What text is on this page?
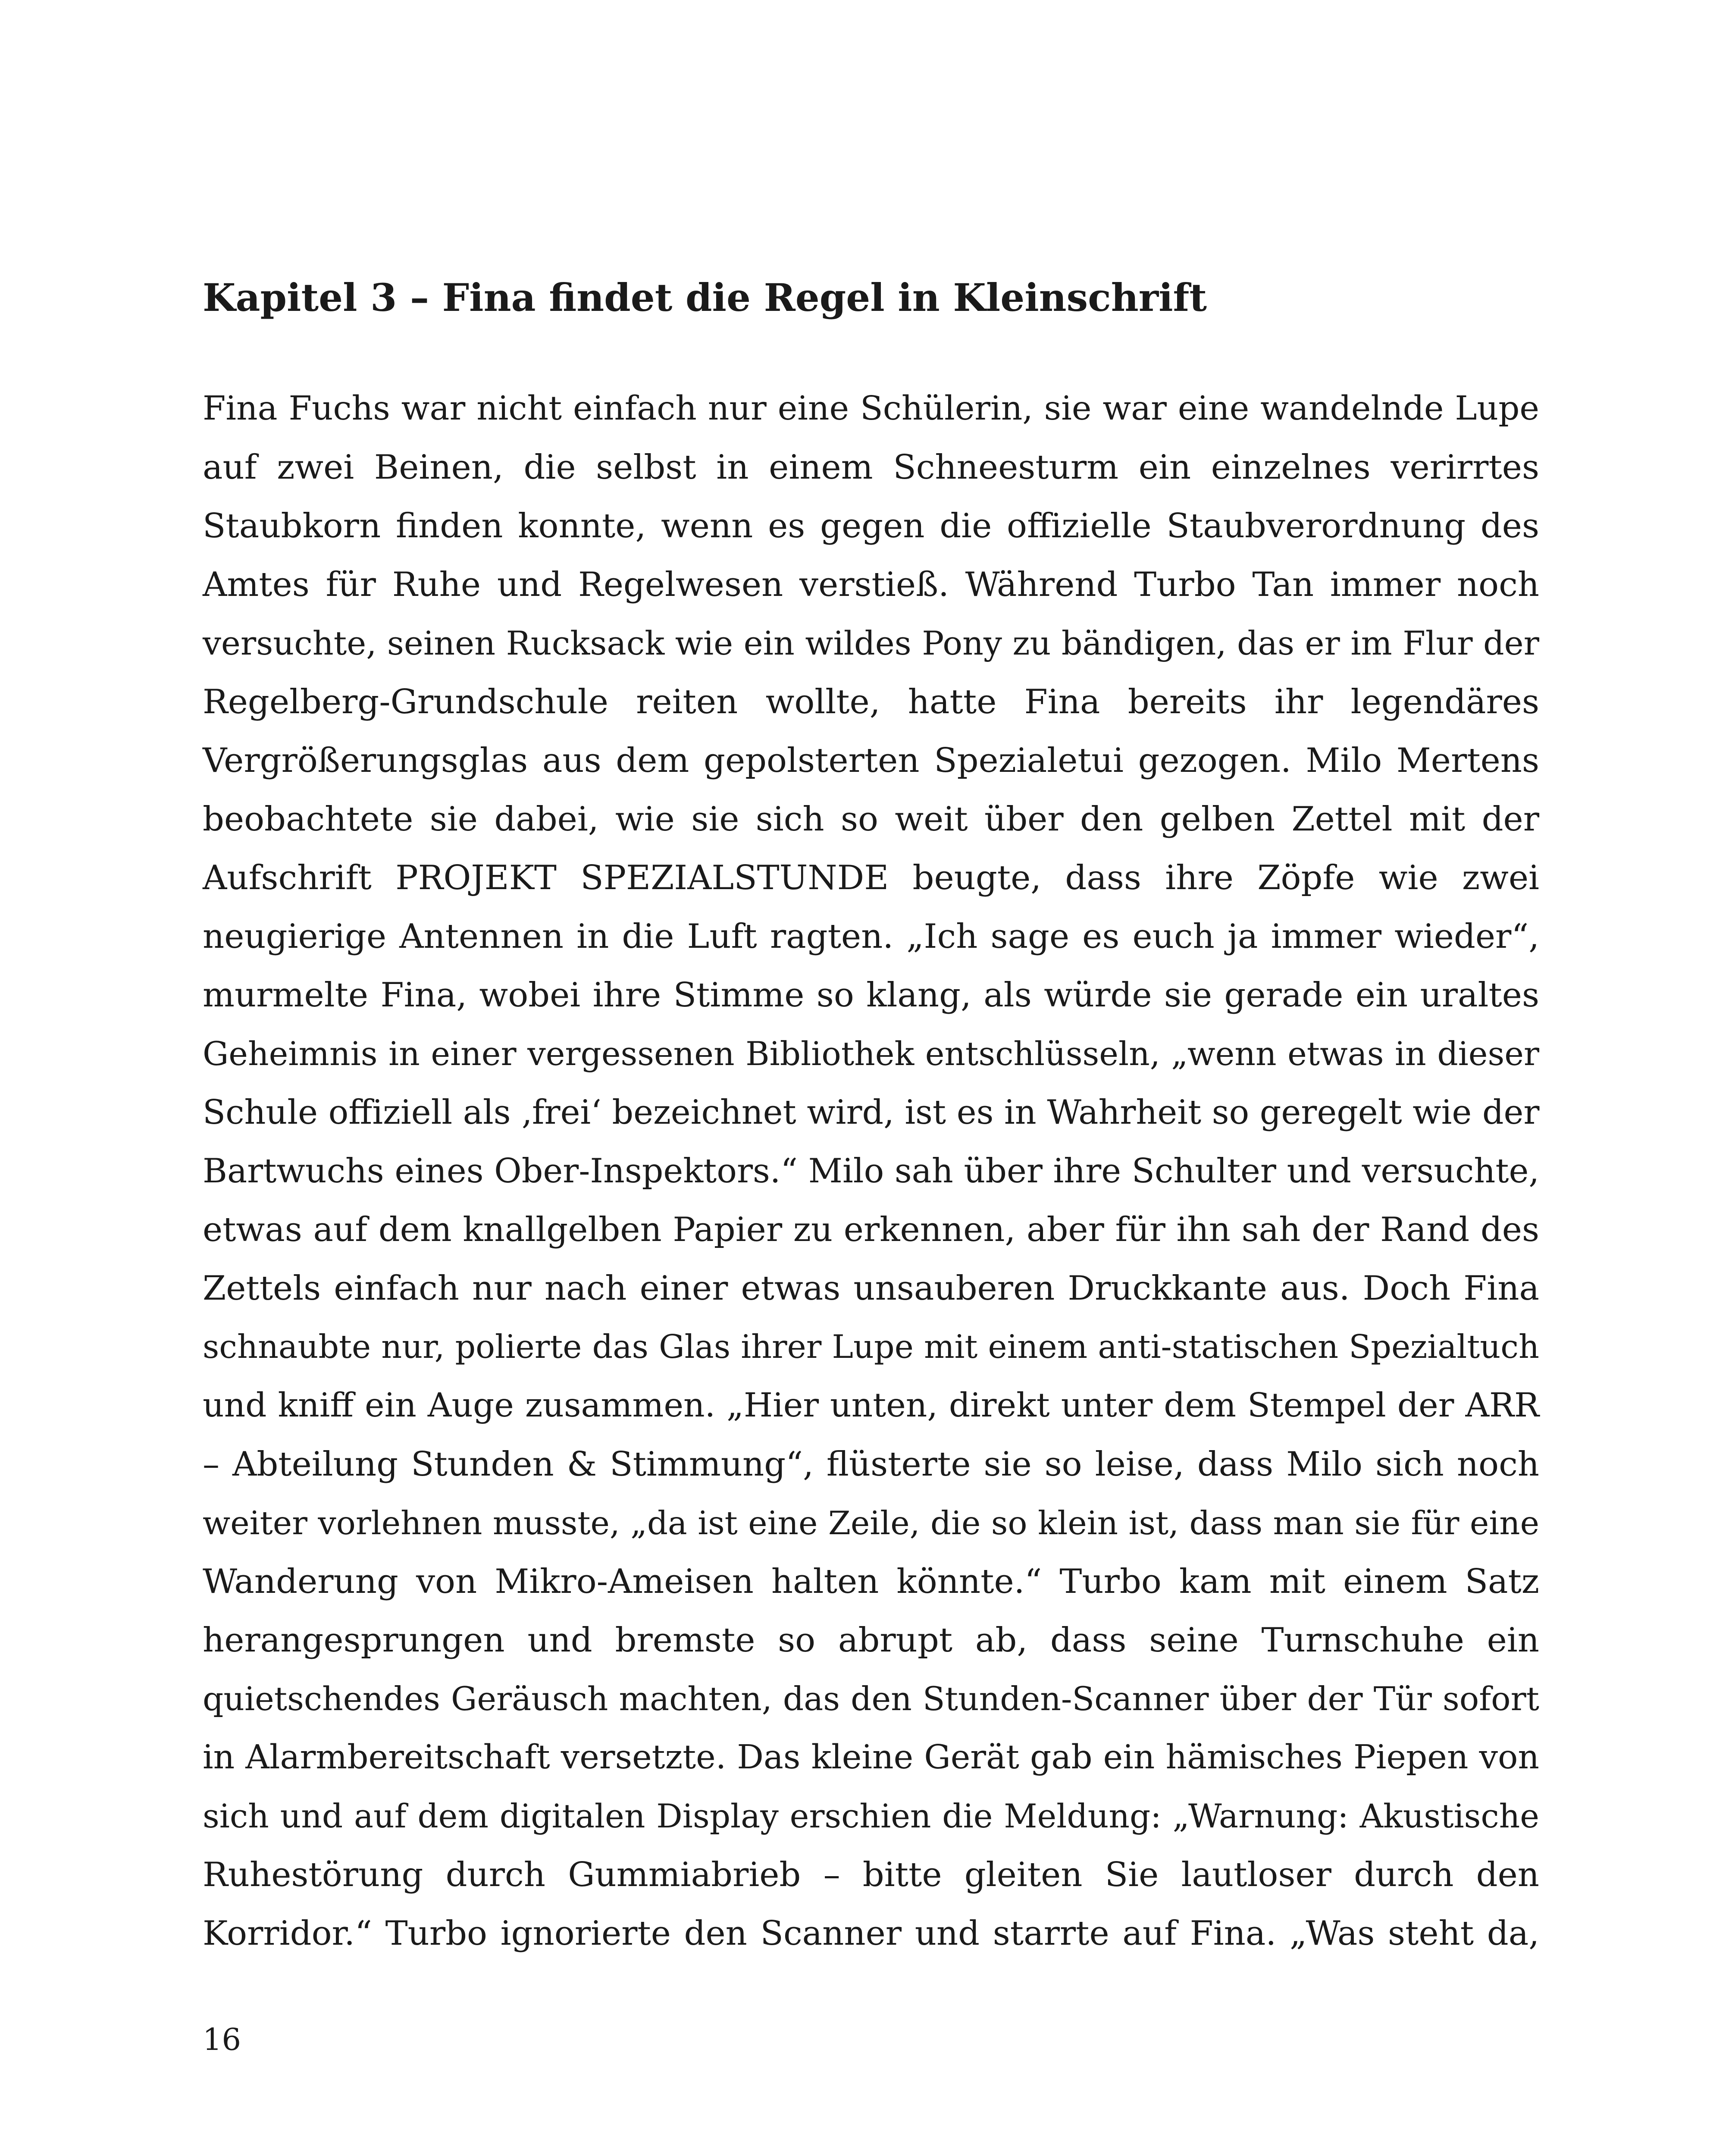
Kapitel 3 – Fina findet die Regel in Kleinschrift
Fina Fuchs war nicht einfach nur eine Schülerin, sie war eine wandelnde Lupe
auf zwei Beinen, die selbst in einem Schneesturm ein einzelnes verirrtes
Staubkorn finden konnte, wenn es gegen die offizielle Staubverordnung des
Amtes für Ruhe und Regelwesen verstieß. Während Turbo Tan immer noch
versuchte, seinen Rucksack wie ein wildes Pony zu bändigen, das er im Flur der
Regelberg-Grundschule reiten wollte, hatte Fina bereits ihr legendäres
Vergrößerungsglas aus dem gepolsterten Spezialetui gezogen. Milo Mertens
beobachtete sie dabei, wie sie sich so weit über den gelben Zettel mit der
Aufschrift PROJEKT SPEZIALSTUNDE beugte, dass ihre Zöpfe wie zwei
neugierige Antennen in die Luft ragten. „Ich sage es euch ja immer wieder“,
murmelte Fina, wobei ihre Stimme so klang, als würde sie gerade ein uraltes
Geheimnis in einer vergessenen Bibliothek entschlüsseln, „wenn etwas in dieser
Schule offiziell als ‚frei‘ bezeichnet wird, ist es in Wahrheit so geregelt wie der
Bartwuchs eines Ober-Inspektors.“ Milo sah über ihre Schulter und versuchte,
etwas auf dem knallgelben Papier zu erkennen, aber für ihn sah der Rand des
Zettels einfach nur nach einer etwas unsauberen Druckkante aus. Doch Fina
schnaubte nur, polierte das Glas ihrer Lupe mit einem anti-statischen Spezialtuch
und kniff ein Auge zusammen. „Hier unten, direkt unter dem Stempel der ARR
– Abteilung Stunden & Stimmung“, flüsterte sie so leise, dass Milo sich noch
weiter vorlehnen musste, „da ist eine Zeile, die so klein ist, dass man sie für eine
Wanderung von Mikro-Ameisen halten könnte.“ Turbo kam mit einem Satz
herangesprungen und bremste so abrupt ab, dass seine Turnschuhe ein
quietschendes Geräusch machten, das den Stunden-Scanner über der Tür sofort
in Alarmbereitschaft versetzte. Das kleine Gerät gab ein hämisches Piepen von
sich und auf dem digitalen Display erschien die Meldung: „Warnung: Akustische
Ruhestörung durch Gummiabrieb – bitte gleiten Sie lautloser durch den
Korridor.“ Turbo ignorierte den Scanner und starrte auf Fina. „Was steht da,
16
